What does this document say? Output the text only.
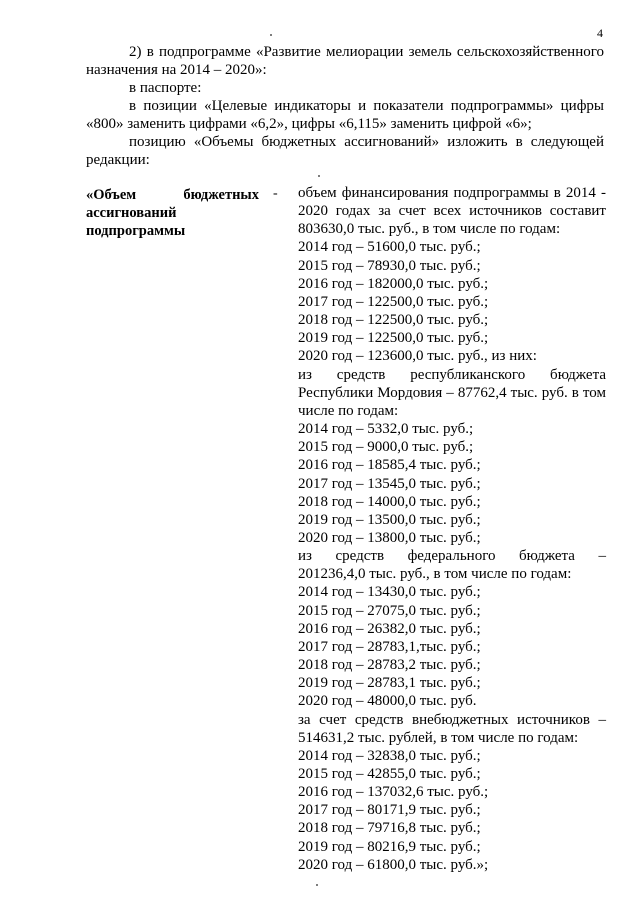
4

2) в подпрограмме «Развитие мелиорации земель сельскохозяйственного назначения на 2014 – 2020»:

в паспорте:

в позиции «Целевые индикаторы и показатели подпрограммы» цифры «800» заменить цифрами «6,2», цифры «6,115» заменить цифрой «6»;

позицию «Объемы бюджетных ассигнований» изложить в следующей редакции:

«Объем бюджетных ассигнований подпрограммы
- объем финансирования подпрограммы в 2014 - 2020 годах за счет всех источников составит 803630,0 тыс. руб., в том числе по годам:
2014 год – 51600,0 тыс. руб.;
2015 год – 78930,0 тыс. руб.;
2016 год – 182000,0 тыс. руб.;
2017 год – 122500,0 тыс. руб.;
2018 год – 122500,0 тыс. руб.;
2019 год – 122500,0 тыс. руб.;
2020 год – 123600,0 тыс. руб., из них:
из средств республиканского бюджета Республики Мордовия – 87762,4 тыс. руб. в том числе по годам:
2014 год – 5332,0 тыс. руб.;
2015 год – 9000,0 тыс. руб.;
2016 год – 18585,4 тыс. руб.;
2017 год – 13545,0 тыс. руб.;
2018 год – 14000,0 тыс. руб.;
2019 год – 13500,0 тыс. руб.;
2020 год – 13800,0 тыс. руб.;
из средств федерального бюджета –
201236,4,0 тыс. руб., в том числе по годам:
2014 год – 13430,0 тыс. руб.;
2015 год – 27075,0 тыс. руб.;
2016 год – 26382,0 тыс. руб.;
2017 год – 28783,1,тыс. руб.;
2018 год – 28783,2 тыс. руб.;
2019 год – 28783,1 тыс. руб.;
2020 год – 48000,0 тыс. руб.
за счет средств внебюджетных источников – 514631,2 тыс. рублей, в том числе по годам:
2014 год – 32838,0 тыс. руб.;
2015 год – 42855,0 тыс. руб.;
2016 год – 137032,6 тыс. руб.;
2017 год – 80171,9 тыс. руб.;
2018 год – 79716,8 тыс. руб.;
2019 год – 80216,9 тыс. руб.;
2020 год – 61800,0 тыс. руб.»;
